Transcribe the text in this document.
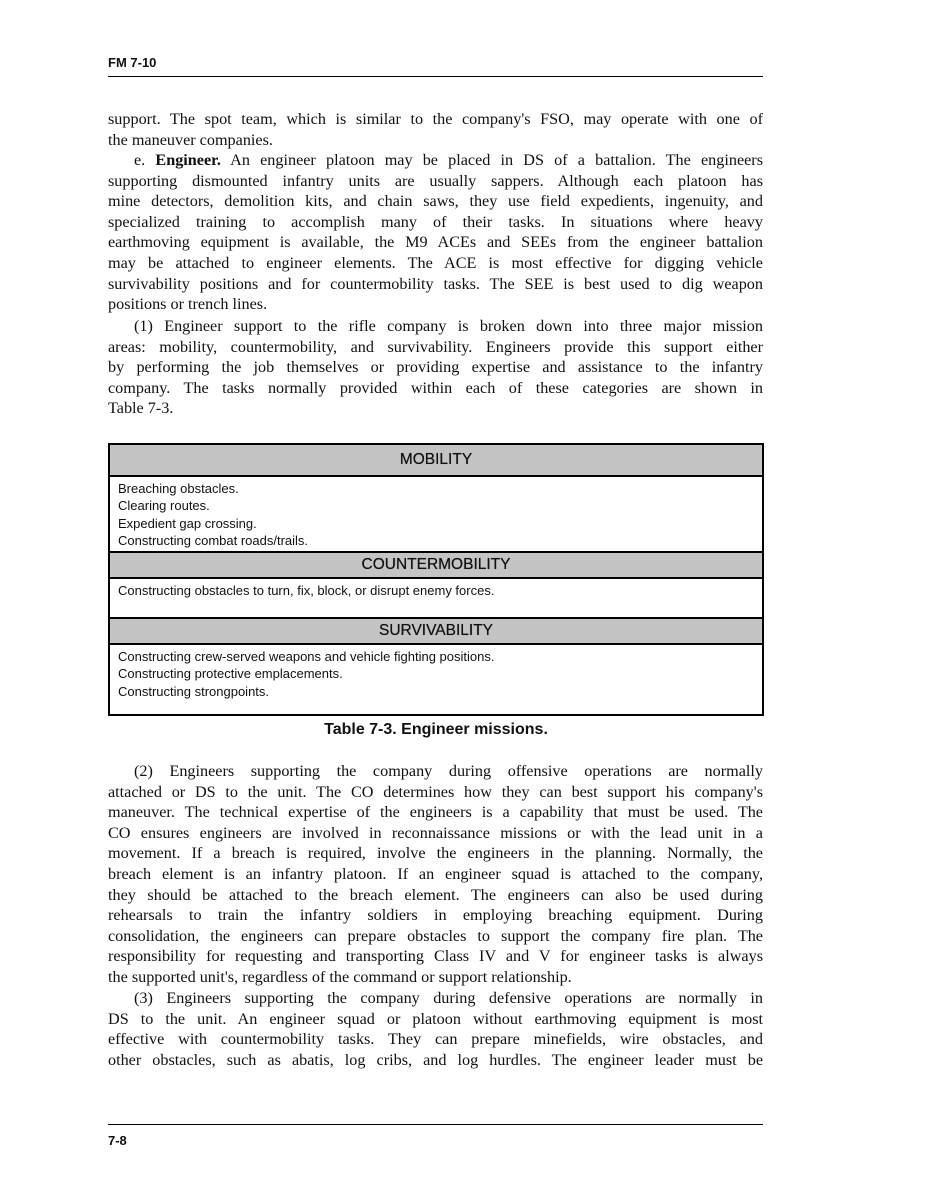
FM 7-10
support. The spot team, which is similar to the company's FSO, may operate with one of
the maneuver companies.
e. Engineer. An engineer platoon may be placed in DS of a battalion. The engineers
supporting dismounted infantry units are usually sappers. Although each platoon has
mine detectors, demolition kits, and chain saws, they use field expedients, ingenuity, and
specialized training to accomplish many of their tasks. In situations where heavy
earthmoving equipment is available, the M9 ACEs and SEEs from the engineer battalion
may be attached to engineer elements. The ACE is most effective for digging vehicle
survivability positions and for countermobility tasks. The SEE is best used to dig weapon
positions or trench lines.
(1) Engineer support to the rifle company is broken down into three major mission
areas: mobility, countermobility, and survivability. Engineers provide this support either
by performing the job themselves or providing expertise and assistance to the infantry
company. The tasks normally provided within each of these categories are shown in
Table 7-3.
MOBILITY

Breaching obstacles.
Clearing routes.
Expedient gap crossing.
Constructing combat roads/trails.

COUNTERMOBILITY

Constructing obstacles to turn, fix, block, or disrupt enemy forces.

SURVIVABILITY

Constructing crew-served weapons and vehicle fighting positions.
Constructing protective emplacements.
Constructing strongpoints.
Table 7-3. Engineer missions.
(2) Engineers supporting the company during offensive operations are normally
attached or DS to the unit. The CO determines how they can best support his company's
maneuver. The technical expertise of the engineers is a capability that must be used. The
CO ensures engineers are involved in reconnaissance missions or with the lead unit in a
movement. If a breach is required, involve the engineers in the planning. Normally, the
breach element is an infantry platoon. If an engineer squad is attached to the company,
they should be attached to the breach element. The engineers can also be used during
rehearsals to train the infantry soldiers in employing breaching equipment. During
consolidation, the engineers can prepare obstacles to support the company fire plan. The
responsibility for requesting and transporting Class IV and V for engineer tasks is always
the supported unit's, regardless of the command or support relationship.
(3) Engineers supporting the company during defensive operations are normally in
DS to the unit. An engineer squad or platoon without earthmoving equipment is most
effective with countermobility tasks. They can prepare minefields, wire obstacles, and
other obstacles, such as abatis, log cribs, and log hurdles. The engineer leader must be
7-8
